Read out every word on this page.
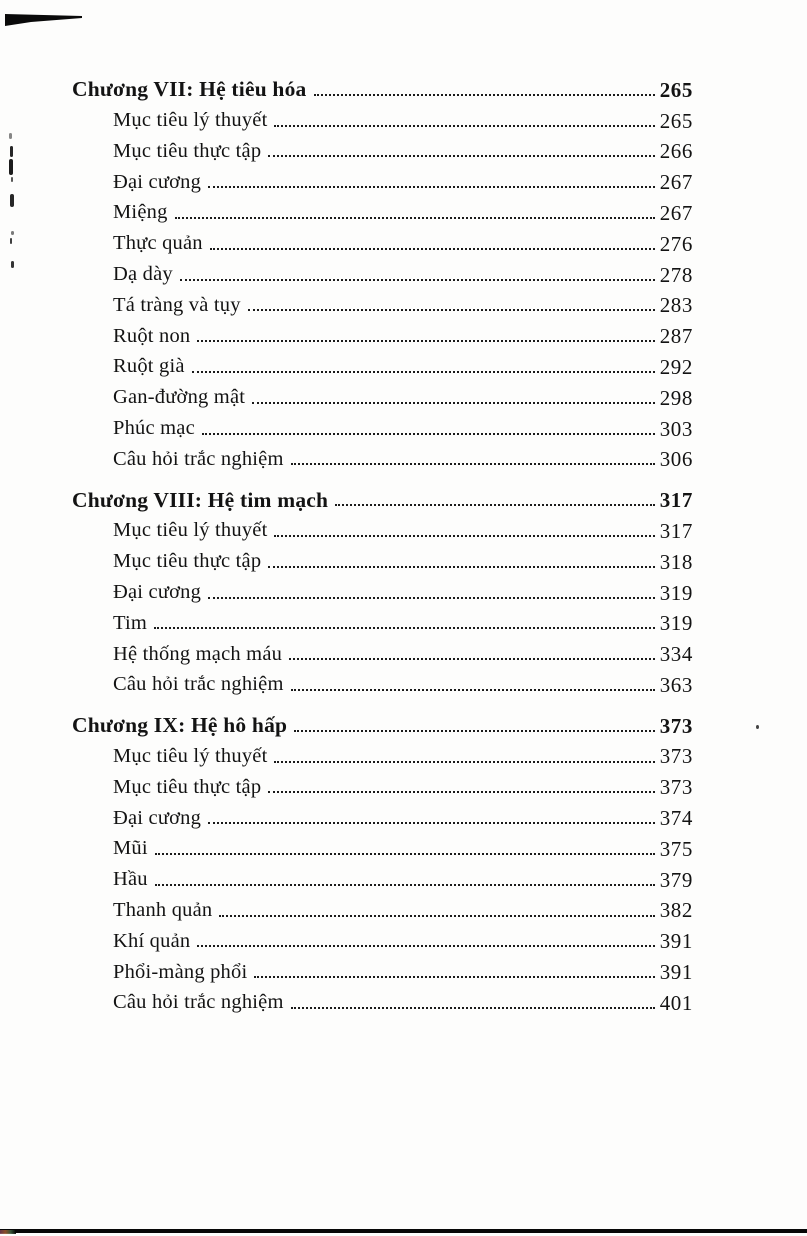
Chương VII: Hệ tiêu hóa	265
Mục tiêu lý thuyết	265
Mục tiêu thực tập	266
Đại cương	267
Miệng	267
Thực quản	276
Dạ dày	278
Tá tràng và tụy	283
Ruột non	287
Ruột già	292
Gan-đường mật	298
Phúc mạc	303
Câu hỏi trắc nghiệm	306
Chương VIII: Hệ tim mạch	317
Mục tiêu lý thuyết	317
Mục tiêu thực tập	318
Đại cương	319
Tim	319
Hệ thống mạch máu	334
Câu hỏi trắc nghiệm	363
Chương IX: Hệ hô hấp	373
Mục tiêu lý thuyết	373
Mục tiêu thực tập	373
Đại cương	374
Mũi	375
Hầu	379
Thanh quản	382
Khí quản	391
Phổi-màng phổi	391
Câu hỏi trắc nghiệm	401
